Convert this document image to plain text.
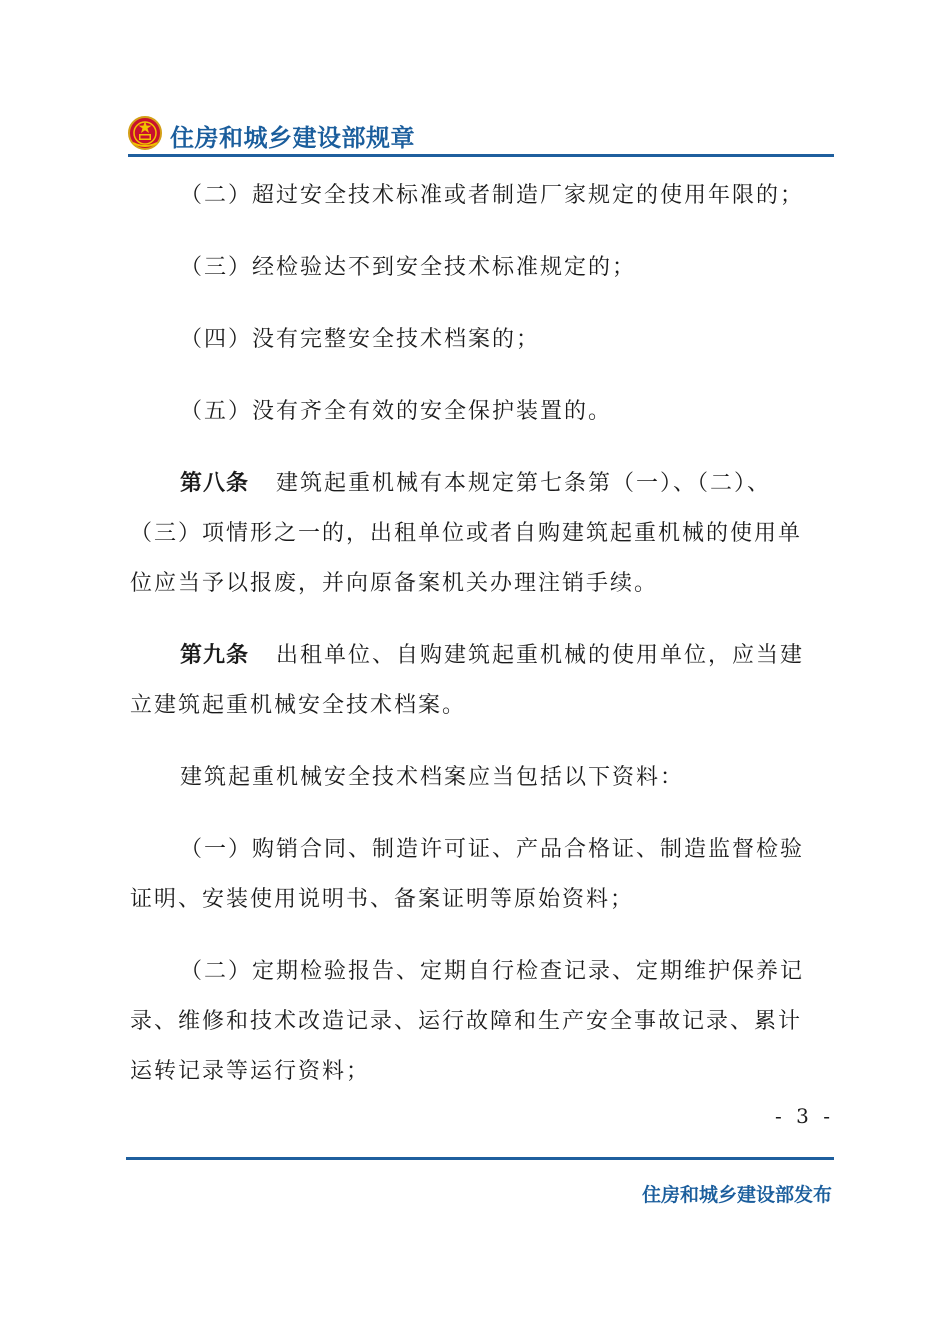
住房和城乡建设部规章
（二）超过安全技术标准或者制造厂家规定的使用年限的；
（三）经检验达不到安全技术标准规定的；
（四）没有完整安全技术档案的；
（五）没有齐全有效的安全保护装置的。
第八条 建筑起重机械有本规定第七条第（一）、（二）、
（三）项情形之一的，出租单位或者自购建筑起重机械的使用单
位应当予以报废，并向原备案机关办理注销手续。
第九条 出租单位、自购建筑起重机械的使用单位，应当建
立建筑起重机械安全技术档案。
建筑起重机械安全技术档案应当包括以下资料：
（一）购销合同、制造许可证、产品合格证、制造监督检验
证明、安装使用说明书、备案证明等原始资料；
（二）定期检验报告、定期自行检查记录、定期维护保养记
录、维修和技术改造记录、运行故障和生产安全事故记录、累计
运转记录等运行资料；
- 3 -
住房和城乡建设部发布
